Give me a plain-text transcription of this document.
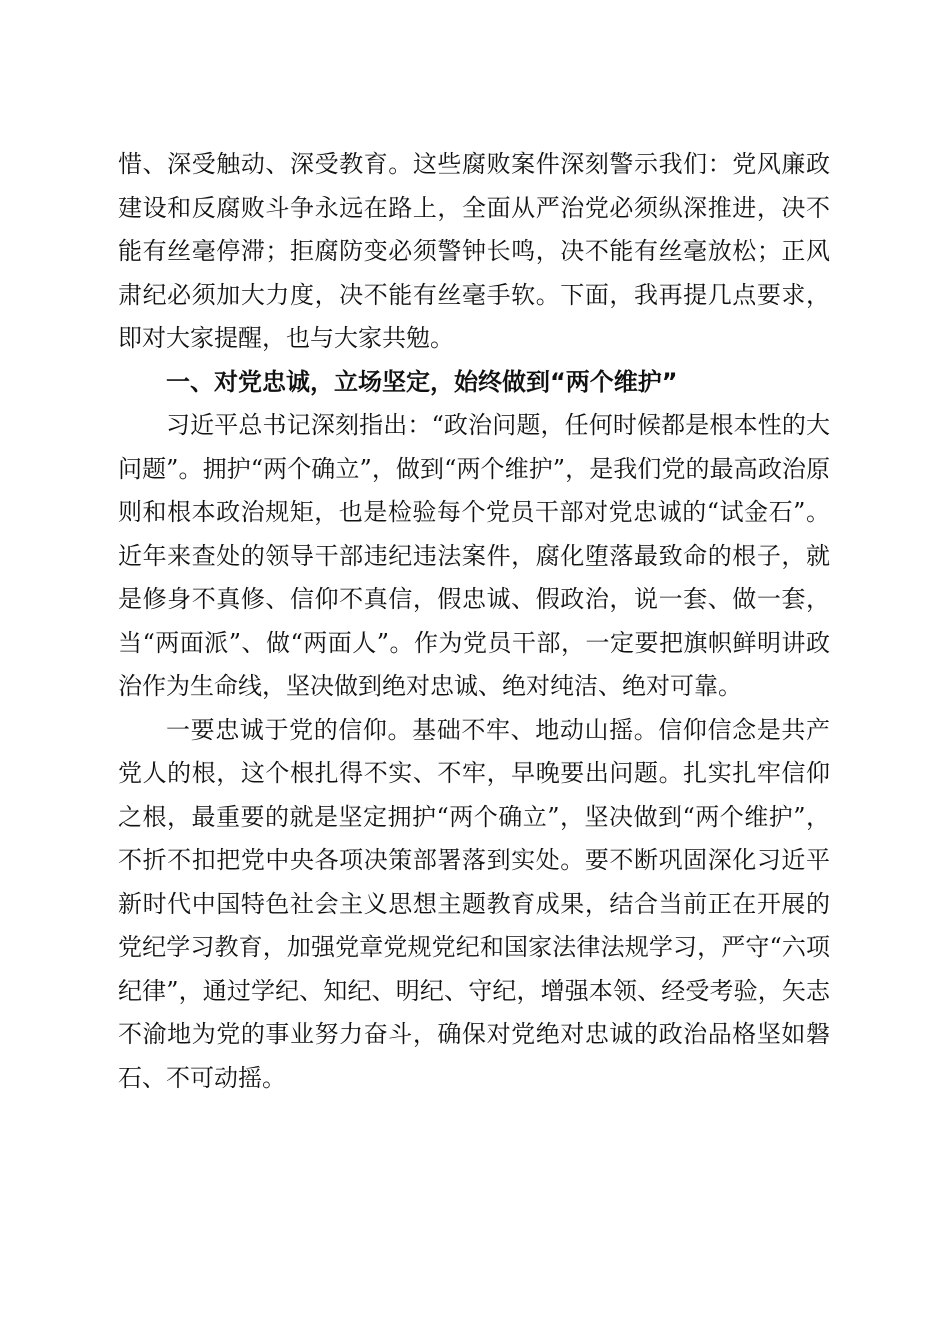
惜、深受触动、深受教育。这些腐败案件深刻警示我们：党风廉政建设和反腐败斗争永远在路上，全面从严治党必须纵深推进，决不能有丝毫停滞；拒腐防变必须警钟长鸣，决不能有丝毫放松；正风肃纪必须加大力度，决不能有丝毫手软。下面，我再提几点要求，即对大家提醒，也与大家共勉。

一、对党忠诚，立场坚定，始终做到“两个维护”

习近平总书记深刻指出：“政治问题，任何时候都是根本性的大问题”。拥护“两个确立”，做到“两个维护”，是我们党的最高政治原则和根本政治规矩，也是检验每个党员干部对党忠诚的“试金石”。近年来查处的领导干部违纪违法案件，腐化堕落最致命的根子，就是修身不真修、信仰不真信，假忠诚、假政治，说一套、做一套，当“两面派”、做“两面人”。作为党员干部，一定要把旗帜鲜明讲政治作为生命线，坚决做到绝对忠诚、绝对纯洁、绝对可靠。

一要忠诚于党的信仰。基础不牢、地动山摇。信仰信念是共产党人的根，这个根扎得不实、不牢，早晚要出问题。扎实扎牢信仰之根，最重要的就是坚定拥护“两个确立”，坚决做到“两个维护”，不折不扣把党中央各项决策部署落到实处。要不断巩固深化习近平新时代中国特色社会主义思想主题教育成果，结合当前正在开展的党纪学习教育，加强党章党规党纪和国家法律法规学习，严守“六项纪律”，通过学纪、知纪、明纪、守纪，增强本领、经受考验，矢志不渝地为党的事业努力奋斗，确保对党绝对忠诚的政治品格坚如磐石、不可动摇。
